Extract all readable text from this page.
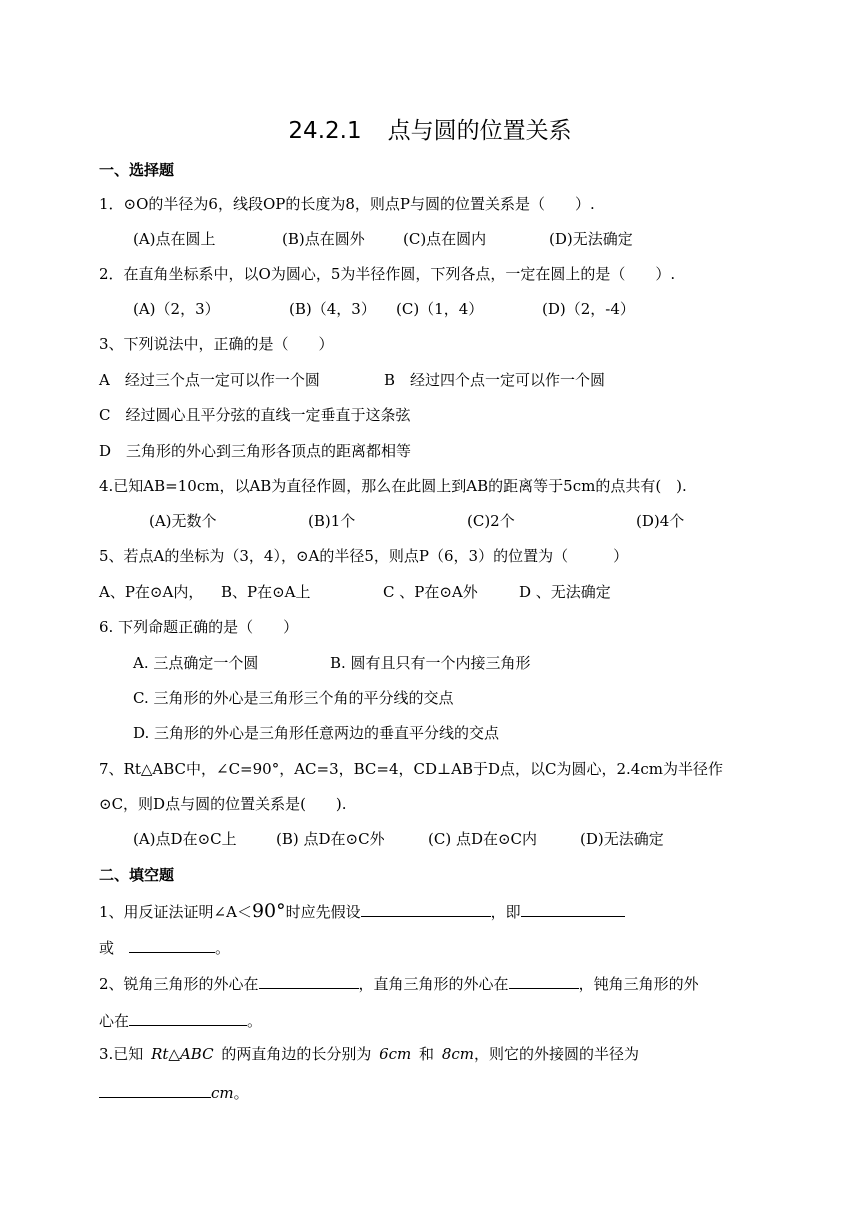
24.2.1 点与圆的位置关系
一、选择题
1．⊙O的半径为6，线段OP的长度为8，则点P与圆的位置关系是（　　）.
(A)点在圆上	(B)点在圆外	(C)点在圆内	(D)无法确定
2．在直角坐标系中，以O为圆心，5为半径作圆，下列各点，一定在圆上的是（　　）.
(A)（2，3）	(B)（4，3） (C)（1，4）	(D)（2，-4）
3、下列说法中，正确的是（　　）
A　经过三个点一定可以作一个圆	B　经过四个点一定可以作一个圆
C　经过圆心且平分弦的直线一定垂直于这条弦
D　三角形的外心到三角形各顶点的距离都相等
4.已知AB=10cm，以AB为直径作圆，那么在此圆上到AB的距离等于5cm的点共有(　).
(A)无数个	(B)1个	(C)2个	(D)4个
5、若点A的坐标为（3，4），⊙A的半径5，则点P（6，3）的位置为（　　　）
A、P在⊙A内， B、P在⊙A上	C 、P在⊙A外	D 、无法确定
6. 下列命题正确的是（　　）
A. 三点确定一个圆	B. 圆有且只有一个内接三角形
C. 三角形的外心是三角形三个角的平分线的交点
D. 三角形的外心是三角形任意两边的垂直平分线的交点
7、Rt△ABC中，∠C=90°，AC=3，BC=4，CD⊥AB于D点，以C为圆心，2.4cm为半径作
⊙C，则D点与圆的位置关系是(　　).
(A)点D在⊙C上	(B) 点D在⊙C外	(C) 点D在⊙C内	(D)无法确定
二、填空题
1、用反证法证明∠A＜90°时应先假设	，即
或　	。
2、锐角三角形的外心在	，直角三角形的外心在	，钝角三角形的外
心在	。
3.已知 Rt△ABC 的两直角边的长分别为 6cm 和 8cm，则它的外接圆的半径为
cm。
